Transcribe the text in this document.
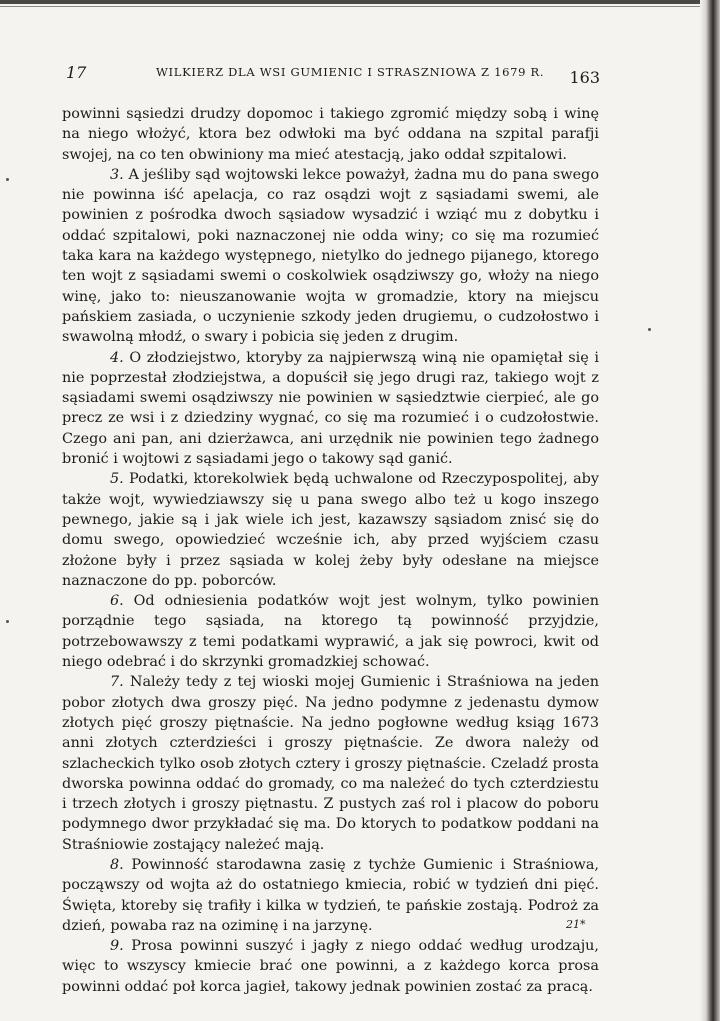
17	WILKIERZ DLA WSI GUMIENIC I STRASZNIOWA Z 1679 R. 163

powinni sąsiedzi drudzy dopomoc i takiego zgromić między sobą i winę na niego włożyć, ktora bez odwłoki ma być oddana na szpital parafji swojej, na co ten obwiniony ma mieć atestacją, jako oddał szpitalowi.

3. A jeśliby sąd wojtowski lekce poważył, żadna mu do pana swego nie powinna iść apelacja, co raz osądzi wojt z sąsiadami swemi, ale powinien z pośrodka dwoch sąsiadow wysadzić i wziąć mu z dobytku i oddać szpitalowi, poki naznaczonej nie odda winy; co się ma rozumieć taka kara na każdego występnego, nietylko do jednego pijanego, ktorego ten wojt z sąsiadami swemi o coskolwiek osądziwszy go, włoży na niego winę, jako to: nieuszanowanie wojta w gromadzie, ktory na miejscu pańskiem zasiada, o uczynienie szkody jeden drugiemu, o cudzołostwo i swawolną młodź, o swary i pobicia się jeden z drugim.

4. O złodziejstwo, ktoryby za najpierwszą winą nie opamiętał się i nie poprzestał złodziejstwa, a dopuścił się jego drugi raz, takiego wojt z sąsiadami swemi osądziwszy nie powinien w sąsiedztwie cierpieć, ale go precz ze wsi i z dziedziny wygnać, co się ma rozumieć i o cudzołostwie. Czego ani pan, ani dzierżawca, ani urzędnik nie powinien tego żadnego bronić i wojtowi z sąsiadami jego o takowy sąd ganić.

5. Podatki, ktorekolwiek będą uchwalone od Rzeczypospolitej, aby także wojt, wywiedziawszy się u pana swego albo też u kogo inszego pewnego, jakie są i jak wiele ich jest, kazawszy sąsiadom znisć się do domu swego, opowiedzieć wcześnie ich, aby przed wyjściem czasu złożone były i przez sąsiada w kolej żeby były odesłane na miejsce naznaczone do pp. poborców.

6. Od odniesienia podatków wojt jest wolnym, tylko powinien porządnie tego sąsiada, na ktorego tą powinność przyjdzie, potrzebowawszy z temi podatkami wyprawić, a jak się powroci, kwit od niego odebrać i do skrzynki gromadzkiej schować.

7. Należy tedy z tej wioski mojej Gumienic i Straśniowa na jeden pobor złotych dwa groszy pięć. Na jedno podymne z jedenastu dymow złotych pięć groszy piętnaście. Na jedno pogłowne według ksiąg 1673 anni złotych czterdzieści i groszy piętnaście. Ze dwora należy od szlacheckich tylko osob złotych cztery i groszy piętnaście. Czeladź prosta dworska powinna oddać do gromady, co ma należeć do tych czterdziestu i trzech złotych i groszy piętnastu. Z pustych zaś rol i placow do poboru podymnego dwor przykładać się ma. Do ktorych to podatkow poddani na Straśniowie zostający należeć mają.

8. Powinność starodawna zasię z tychże Gumienic i Straśniowa, począwszy od wojta aż do ostatniego kmiecia, robić w tydzień dni pięć. Święta, ktoreby się trafiły i kilka w tydzień, te pańskie zostają. Podroż za dzień, powaba raz na oziminę i na jarzynę.

9. Prosa powinni suszyć i jagły z niego oddać według urodzaju, więc to wszyscy kmiecie brać one powinni, a z każdego korca prosa powinni oddać poł korca jagieł, takowy jednak powinien zostać za pracą.

21*
